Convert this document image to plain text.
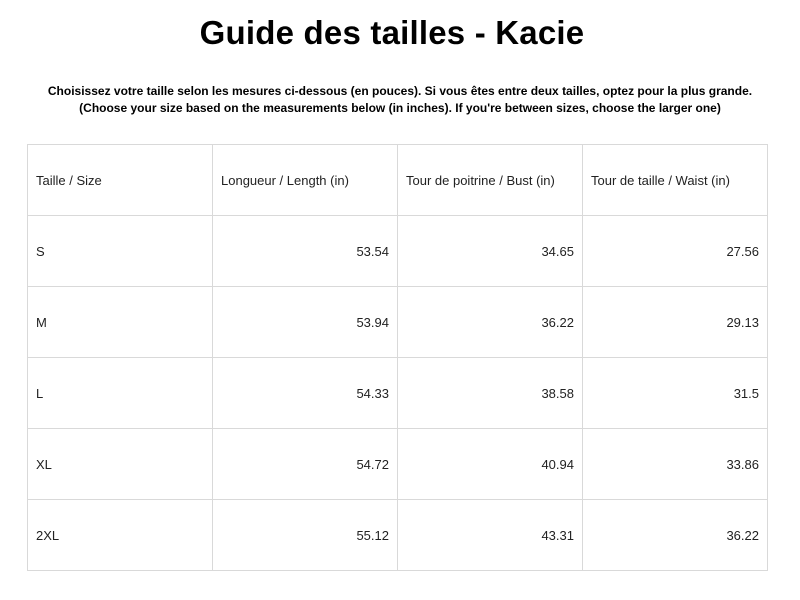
Guide des tailles - Kacie
Choisissez votre taille selon les mesures ci-dessous (en pouces). Si vous êtes entre deux tailles, optez pour la plus grande.
(Choose your size based on the measurements below (in inches). If you're between sizes, choose the larger one)
Taille / Size	Longueur / Length (in)	Tour de poitrine / Bust (in)	Tour de taille / Waist (in)
S	53.54	34.65	27.56
M	53.94	36.22	29.13
L	54.33	38.58	31.5
XL	54.72	40.94	33.86
2XL	55.12	43.31	36.22
